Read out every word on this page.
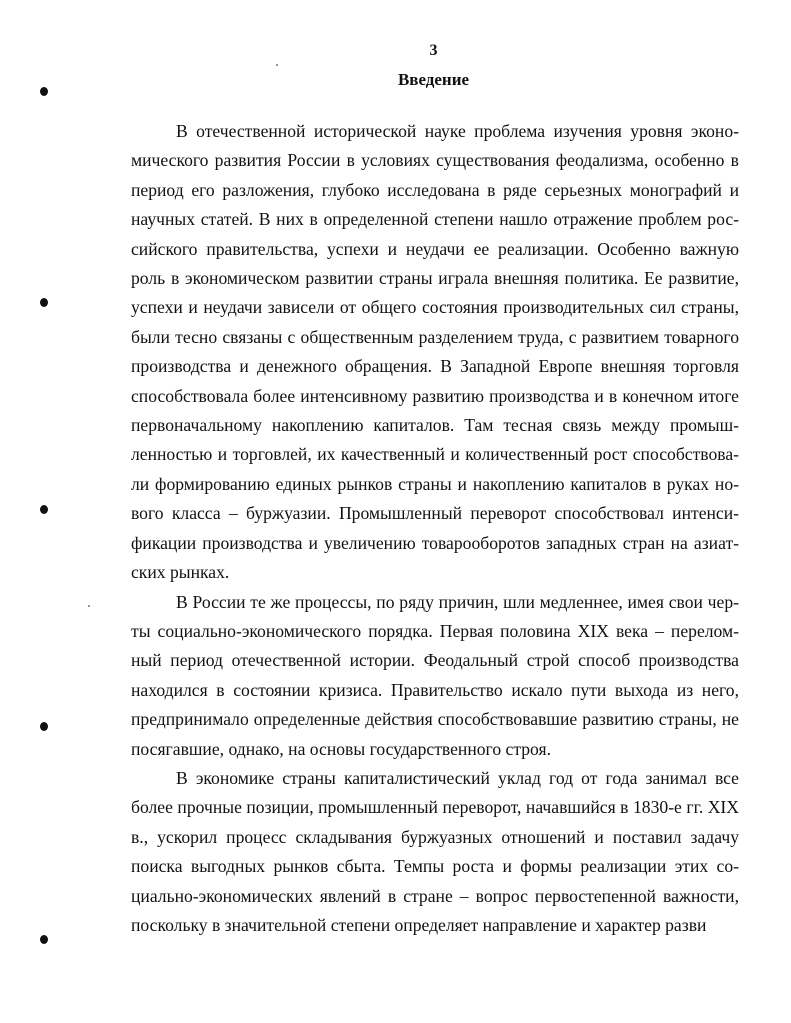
3
Введение

В отечественной исторической науке проблема изучения уровня экономического развития России в условиях существования феодализма, особенно в период его разложения, глубоко исследована в ряде серьезных монографий и научных статей. В них в определенной степени нашло отражение проблем российского правительства, успехи и неудачи ее реализации. Особенно важную роль в экономическом развитии страны играла внешняя политика. Ее развитие, успехи и неудачи зависели от общего состояния производительных сил страны, были тесно связаны с общественным разделением труда, с развитием товарного производства и денежного обращения. В Западной Европе внешняя торговля способствовала более интенсивному развитию производства и в конечном итоге первоначальному накоплению капиталов. Там тесная связь между промышленностью и торговлей, их качественный и количественный рост способствовали формированию единых рынков страны и накоплению капиталов в руках нового класса – буржуазии. Промышленный переворот способствовал интенсификации производства и увеличению товарооборотов западных стран на азиатских рынках.

В России те же процессы, по ряду причин, шли медленнее, имея свои черты социально-экономического порядка. Первая половина XIX века – переломный период отечественной истории. Феодальный строй способ производства находился в состоянии кризиса. Правительство искало пути выхода из него, предпринимало определенные действия способствовавшие развитию страны, не посягавшие, однако, на основы государственного строя.

В экономике страны капиталистический уклад год от года занимал все более прочные позиции, промышленный переворот, начавшийся в 1830-е гг. XIX в., ускорил процесс складывания буржуазных отношений и поставил задачу поиска выгодных рынков сбыта. Темпы роста и формы реализации этих социально-экономических явлений в стране – вопрос первостепенной важности, поскольку в значительной степени определяет направление и характер разви
